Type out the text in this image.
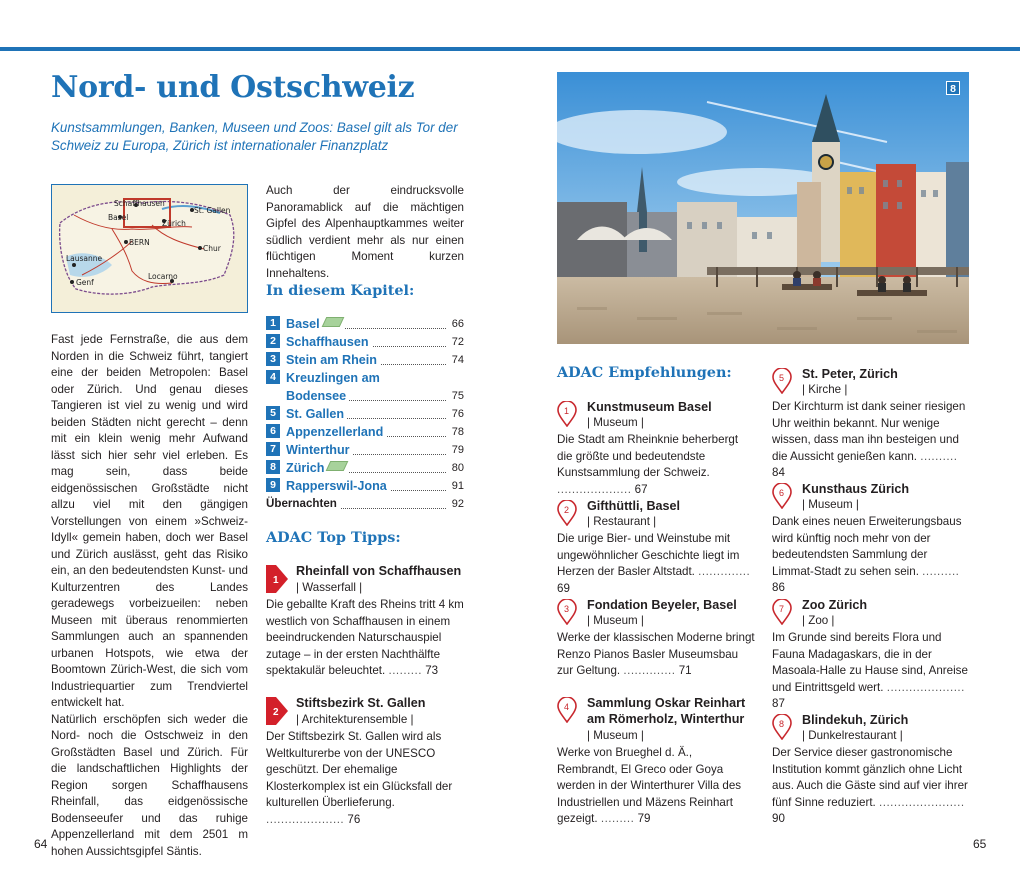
Nord- und Ostschweiz

Kunstsammlungen, Banken, Museen und Zoos: Basel gilt als Tor der Schweiz zu Europa, Zürich ist internationaler Finanzplatz

Schaffhausen
Basel
Zürich
St. Gallen
BERN
Chur
Lausanne
Genf
Locarno

Fast jede Fernstraße, die aus dem Norden in die Schweiz führt, tangiert eine der beiden Metropolen: Basel oder Zürich. Und genau dieses Tangieren ist viel zu wenig und wird beiden Städten nicht gerecht – denn mit ein klein wenig mehr Aufwand lässt sich hier sehr viel erleben. Es mag sein, dass beide eidgenössischen Großstädte nicht allzu viel mit den gängigen Vorstellungen von einem »Schweiz-Idyll« gemein haben, doch wer Basel und Zürich auslässt, geht das Risiko ein, an den bedeutendsten Kunst- und Kulturzentren des Landes geradewegs vorbeizueilen: neben Museen mit überaus renommierten Sammlungen auch an spannenden urbanen Hotspots, wie etwa der Boomtown Zürich-West, die sich vom Industriequartier zum Trendviertel entwickelt hat.

Natürlich erschöpfen sich weder die Nord- noch die Ostschweiz in den Großstädten Basel und Zürich. Für die landschaftlichen Highlights der Region sorgen Schaffhausens Rheinfall, das eidgenössische Bodenseeufer und das ruhige Appenzellerland mit dem 2501 m hohen Aussichtsgipfel Säntis.

Auch der eindrucksvolle Panoramablick auf die mächtigen Gipfel des Alpenhauptkammes weiter südlich verdient mehr als nur einen flüchtigen Moment kurzen Innehaltens.

In diesem Kapitel:
1 Basel	66
2 Schaffhausen	72
3 Stein am Rhein	74
4 Kreuzlingen am
Bodensee	75
5 St. Gallen	76
6 Appenzellerland	78
7 Winterthur	79
8 Zürich	80
9 Rapperswil-Jona	91
Übernachten	92
ADAC Top Tipps:
1
Rheinfall von Schaffhausen
| Wasserfall |
Die geballte Kraft des Rheins tritt 4 km westlich von Schaffhausen in einem beeindruckenden Naturschauspiel zutage – in der ersten Nachthälfte spektakulär beleuchtet. ......... 73
2
Stiftsbezirk St. Gallen
| Architekturensemble |
Der Stiftsbezirk St. Gallen wird als Weltkulturerbe von der UNESCO geschützt. Der ehemalige Klosterkomplex ist ein Glücksfall der kulturellen Überlieferung. ..................... 76
8
ADAC Empfehlungen:
1 Kunstmuseum Basel
| Museum |
Die Stadt am Rheinknie beherbergt die größte und bedeutendste Kunstsammlung der Schweiz. .................... 67
2 Gifthüttli, Basel
| Restaurant |
Die urige Bier- und Weinstube mit ungewöhnlicher Geschichte liegt im Herzen der Basler Altstadt. .............. 69
3 Fondation Beyeler, Basel
| Museum |
Werke der klassischen Moderne bringt Renzo Pianos Basler Museumsbau zur Geltung. .............. 71
4 Sammlung Oskar Reinhart
am Römerholz, Winterthur
| Museum |
Werke von Brueghel d. Ä., Rembrandt, El Greco oder Goya werden in der Winterthurer Villa des Industriellen und Mäzens Reinhart gezeigt. ......... 79
5 St. Peter, Zürich
| Kirche |
Der Kirchturm ist dank seiner riesigen Uhr weithin bekannt. Nur wenige wissen, dass man ihn besteigen und die Aussicht genießen kann. .......... 84
6 Kunsthaus Zürich
| Museum |
Dank eines neuen Erweiterungsbaus wird künftig noch mehr von der bedeutendsten Sammlung der Limmat-Stadt zu sehen sein. .......... 86
7 Zoo Zürich
| Zoo |
Im Grunde sind bereits Flora und Fauna Madagaskars, die in der Masoala-Halle zu Hause sind, Anreise und Eintrittsgeld wert. ..................... 87
8 Blindekuh, Zürich
| Dunkelrestaurant |
Der Service dieser gastronomische Institution kommt gänzlich ohne Licht aus. Auch die Gäste sind auf vier ihrer fünf Sinne reduziert. ....................... 90
64	65
